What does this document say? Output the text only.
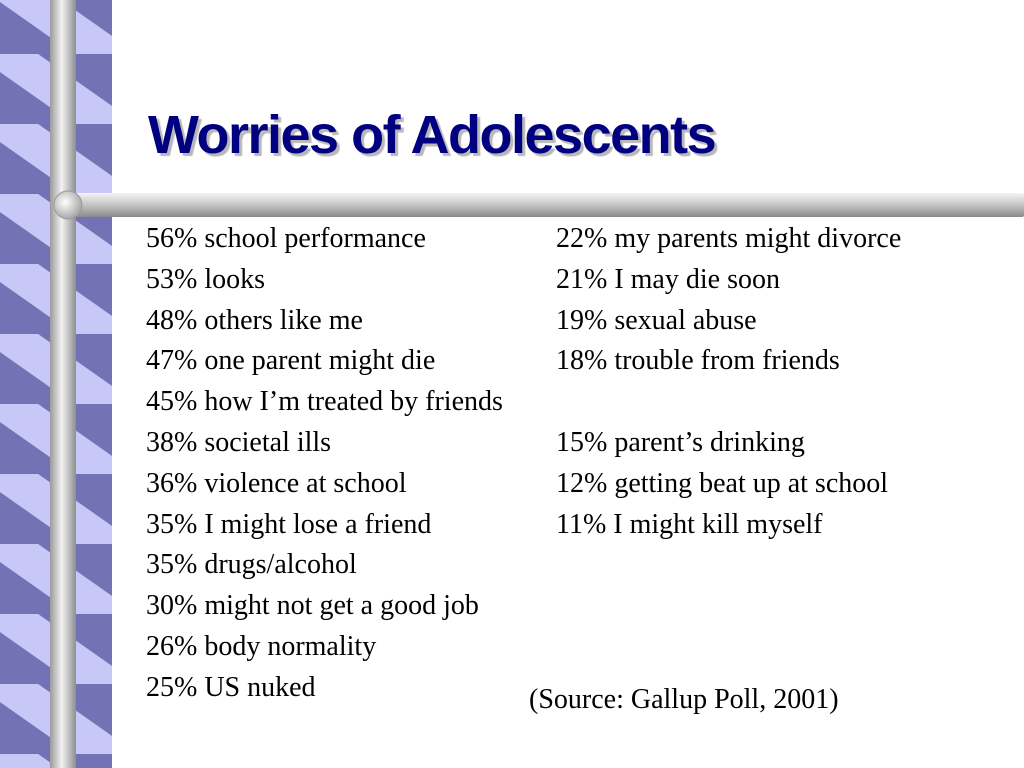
Worries of Adolescents
56% school performance
53% looks
48% others like me
47% one parent might die
45% how I’m treated by friends
38% societal ills
36% violence at school
35% I might lose a friend
35% drugs/alcohol
30% might not get a good job
26% body normality
25% US nuked
22% my parents might divorce
21% I may die soon
19% sexual abuse
18% trouble from friends
15% parent’s drinking
12% getting beat up at school
11% I might kill myself
(Source: Gallup Poll, 2001)
